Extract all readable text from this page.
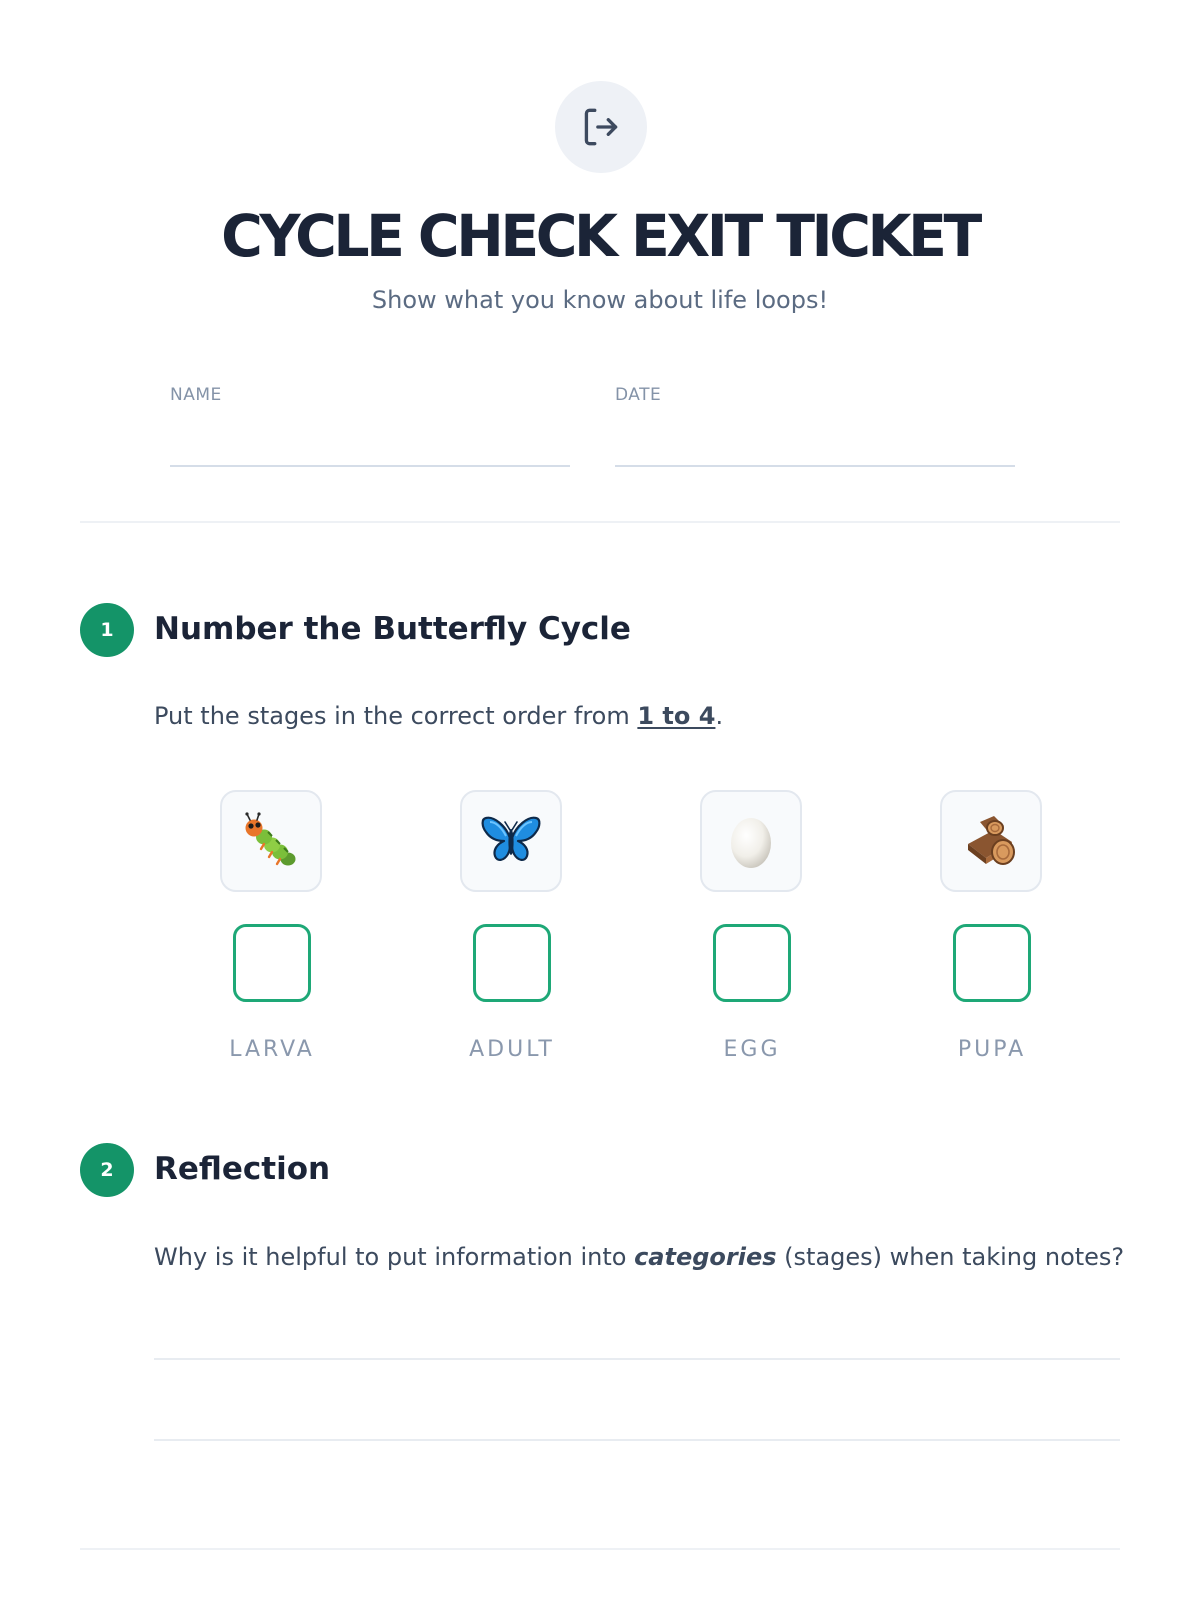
CYCLE CHECK EXIT TICKET
Show what you know about life loops!
NAME	DATE
1	Number the Butterfly Cycle
Put the stages in the correct order from 1 to 4.
LARVA	ADULT	EGG	PUPA
2	Reflection
Why is it helpful to put information into categories (stages) when taking notes?
